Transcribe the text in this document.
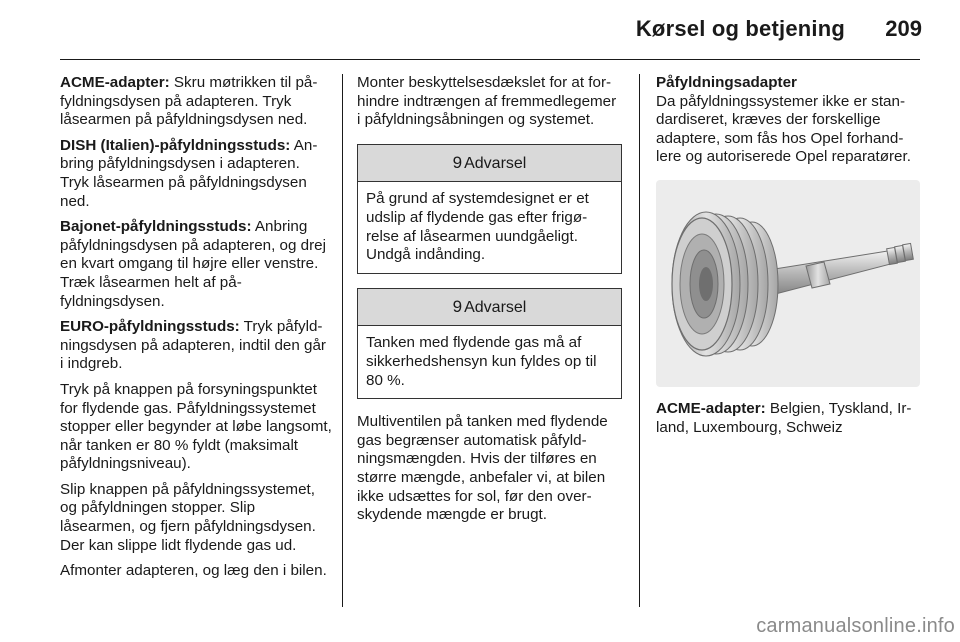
Kørsel og betjening	209

ACME-adapter: Skru møtrikken til påfyldningsdysen på adapteren. Tryk låsearmen på påfyldningsdysen ned.

DISH (Italien)-påfyldningsstuds: Anbring påfyldningsdysen i adapteren. Tryk låsearmen på påfyldningsdysen ned.

Bajonet-påfyldningsstuds: Anbring påfyldningsdysen på adapteren, og drej en kvart omgang til højre eller venstre. Træk låsearmen helt af påfyldningsdysen.

EURO-påfyldningsstuds: Tryk påfyldningsdysen på adapteren, indtil den går i indgreb.

Tryk på knappen på forsyningspunktet for flydende gas. Påfyldningssystemet stopper eller begynder at løbe langsomt, når tanken er 80 % fyldt (maksimalt påfyldningsniveau).

Slip knappen på påfyldningssystemet, og påfyldningen stopper. Slip låsearmen, og fjern påfyldningsdysen. Der kan slippe lidt flydende gas ud.

Afmonter adapteren, og læg den i bilen.

Monter beskyttelsesdækslet for at forhindre indtrængen af fremmedlegemer i påfyldningsåbningen og systemet.

9 Advarsel
På grund af systemdesignet er et udslip af flydende gas efter frigørelse af låsearmen uundgåeligt. Undgå indånding.
9 Advarsel
Tanken med flydende gas må af sikkerhedshensyn kun fyldes op til 80 %.

Multiventilen på tanken med flydende gas begrænser automatisk påfyldningsmængden. Hvis der tilføres en større mængde, anbefaler vi, at bilen ikke udsættes for sol, før den overskydende mængde er brugt.

Påfyldningsadapter

Da påfyldningssystemer ikke er standardiseret, kræves der forskellige adaptere, som fås hos Opel forhandlere og autoriserede Opel reparatører.

ACME-adapter: Belgien, Tyskland, Irland, Luxembourg, Schweiz

carmanualsonline.info
